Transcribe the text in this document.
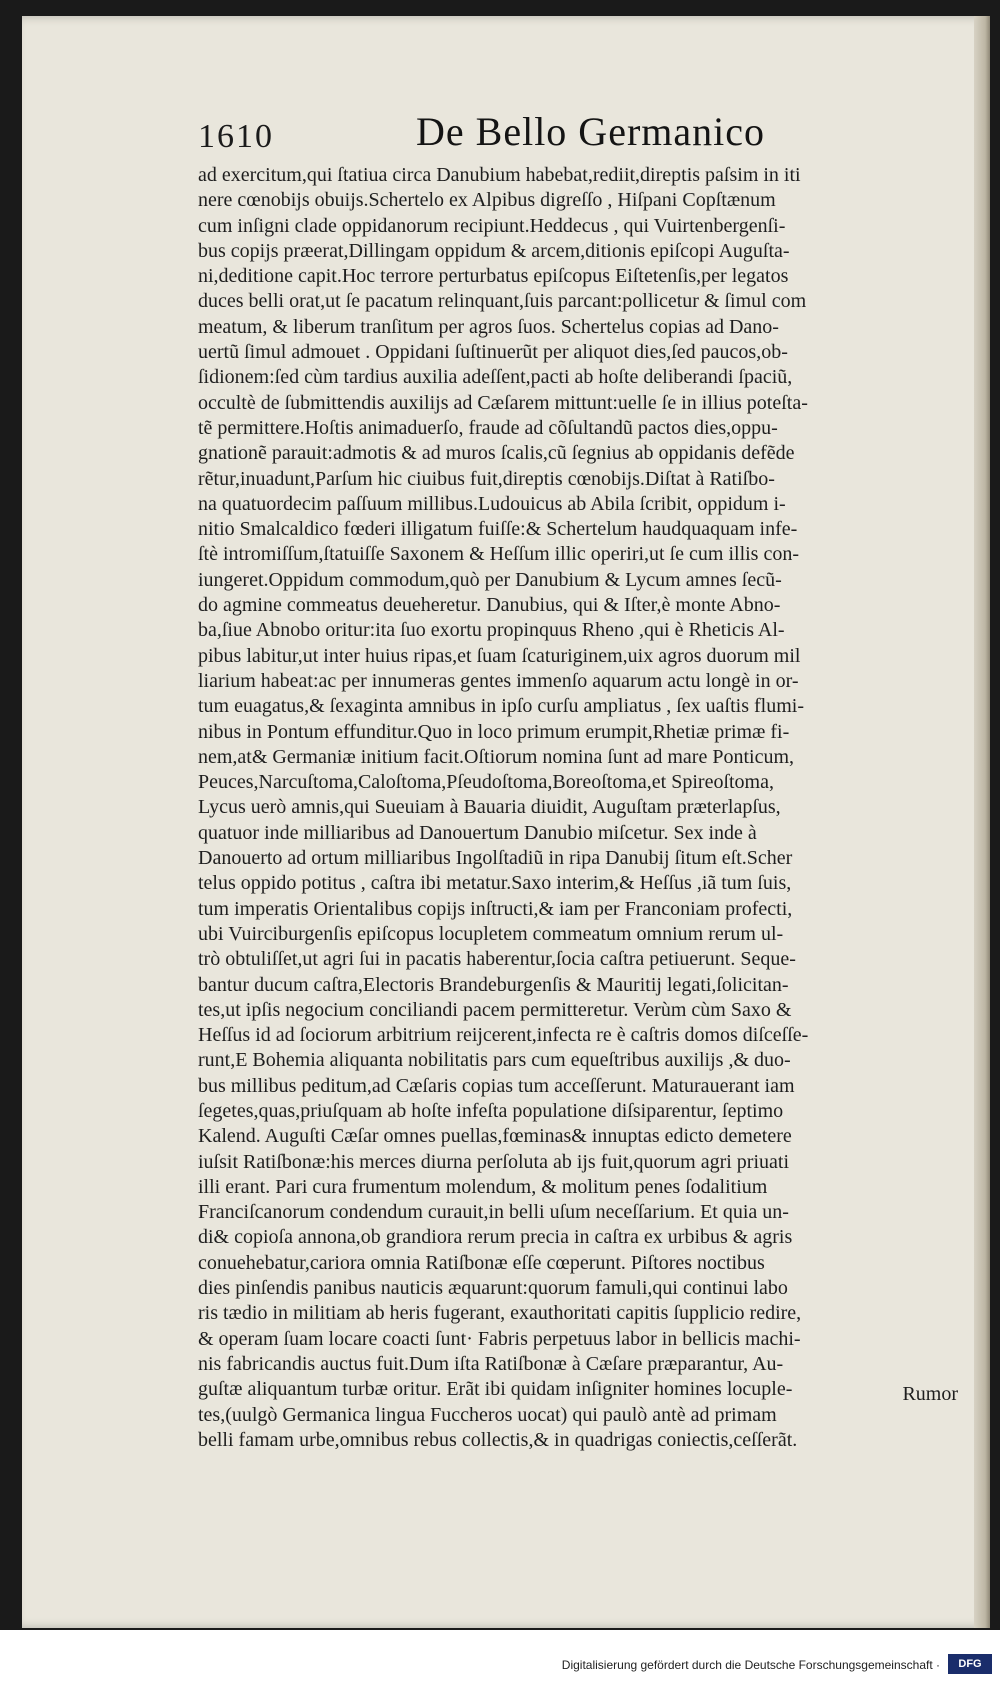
1610	De Bello Germanico
ad exercitum,qui ſtatiua circa Danubium habebat,rediit,direptis paſsim in iti
nere cœnobijs obuijs.Schertelo ex Alpibus digreſſo , Hiſpani Copſtænum
cum inſigni clade oppidanorum recipiunt.Heddecus , qui Vuirtenbergenſi-
bus copijs præerat,Dillingam oppidum & arcem,ditionis epiſcopi Auguſta-
ni,deditione capit.Hoc terrore perturbatus epiſcopus Eiſtetenſis,per legatos
duces belli orat,ut ſe pacatum relinquant,ſuis parcant:pollicetur & ſimul com
meatum, & liberum tranſitum per agros ſuos. Schertelus copias ad Dano-
uertũ ſimul admouet . Oppidani ſuſtinuerũt per aliquot dies,ſed paucos,ob-
ſidionem:ſed cùm tardius auxilia adeſſent,pacti ab hoſte deliberandi ſpaciũ,
occultè de ſubmittendis auxilijs ad Cæſarem mittunt:uelle ſe in illius poteſta-
tẽ permittere.Hoſtis animaduerſo, fraude ad cõſultandũ pactos dies,oppu-
gnationẽ parauit:admotis & ad muros ſcalis,cũ ſegnius ab oppidanis defẽde
rẽtur,inuadunt,Parſum hic ciuibus fuit,direptis cœnobijs.Diſtat à Ratiſbo-
na quatuordecim paſſuum millibus.Ludouicus ab Abila ſcribit, oppidum i-
nitio Smalcaldico fœderi illigatum fuiſſe:& Schertelum haudquaquam infe-
ſtè intromiſſum,ſtatuiſſe Saxonem & Heſſum illic operiri,ut ſe cum illis con-
iungeret.Oppidum commodum,quò per Danubium & Lycum amnes ſecũ-
do agmine commeatus deueheretur. Danubius, qui & Iſter,è monte Abno-
ba,ſiue Abnobo oritur:ita ſuo exortu propinquus Rheno ,qui è Rheticis Al-
pibus labitur,ut inter huius ripas,et ſuam ſcaturiginem,uix agros duorum mil
liarium habeat:ac per innumeras gentes immenſo aquarum actu longè in or-
tum euagatus,& ſexaginta amnibus in ipſo curſu ampliatus , ſex uaſtis flumi-
nibus in Pontum effunditur.Quo in loco primum erumpit,Rhetiæ primæ fi-
nem,at& Germaniæ initium facit.Oſtiorum nomina ſunt ad mare Ponticum,
Peuces,Narcuſtoma,Caloſtoma,Pſeudoſtoma,Boreoſtoma,et Spireoſtoma,
Lycus uerò amnis,qui Sueuiam à Bauaria diuidit, Auguſtam præterlapſus,
quatuor inde milliaribus ad Danouertum Danubio miſcetur. Sex inde à
Danouerto ad ortum milliaribus Ingolſtadiũ in ripa Danubij ſitum eſt.Scher
telus oppido potitus , caſtra ibi metatur.Saxo interim,& Heſſus ,iã tum ſuis,
tum imperatis Orientalibus copijs inſtructi,& iam per Franconiam profecti,
ubi Vuirciburgenſis epiſcopus locupletem commeatum omnium rerum ul-
trò obtuliſſet,ut agri ſui in pacatis haberentur,ſocia caſtra petiuerunt. Seque-
bantur ducum caſtra,Electoris Brandeburgenſis & Mauritij legati,ſolicitan-
tes,ut ipſis negocium conciliandi pacem permitteretur. Verùm cùm Saxo &
Heſſus id ad ſociorum arbitrium reijcerent,infecta re è caſtris domos diſceſſe-
runt,E Bohemia aliquanta nobilitatis pars cum equeſtribus auxilijs ,& duo-
bus millibus peditum,ad Cæſaris copias tum acceſſerunt. Maturauerant iam
ſegetes,quas,priuſquam ab hoſte infeſta populatione diſsiparentur, ſeptimo
Kalend. Auguſti Cæſar omnes puellas,fœminas& innuptas edicto demetere
iuſsit Ratiſbonæ:his merces diurna perſoluta ab ijs fuit,quorum agri priuati
illi erant. Pari cura frumentum molendum, & molitum penes ſodalitium
Franciſcanorum condendum curauit,in belli uſum neceſſarium. Et quia un-
di& copioſa annona,ob grandiora rerum precia in caſtra ex urbibus & agris
conuehebatur,cariora omnia Ratiſbonæ eſſe cœperunt. Piſtores noctibus
dies pinſendis panibus nauticis æquarunt:quorum famuli,qui continui labo
ris tædio in militiam ab heris fugerant, exauthoritati capitis ſupplicio redire,
& operam ſuam locare coacti ſunt· Fabris perpetuus labor in bellicis machi-
nis fabricandis auctus fuit.Dum iſta Ratiſbonæ à Cæſare præparantur, Au-
guſtæ aliquantum turbæ oritur. Erãt ibi quidam inſigniter homines locuple-
tes,(uulgò Germanica lingua Fuccheros uocat) qui paulò antè ad primam
belli famam urbe,omnibus rebus collectis,& in quadrigas coniectis,ceſſerãt.
Rumor
Digitalisierung gefördert durch die Deutsche Forschungsgemeinschaft ·	DFG
